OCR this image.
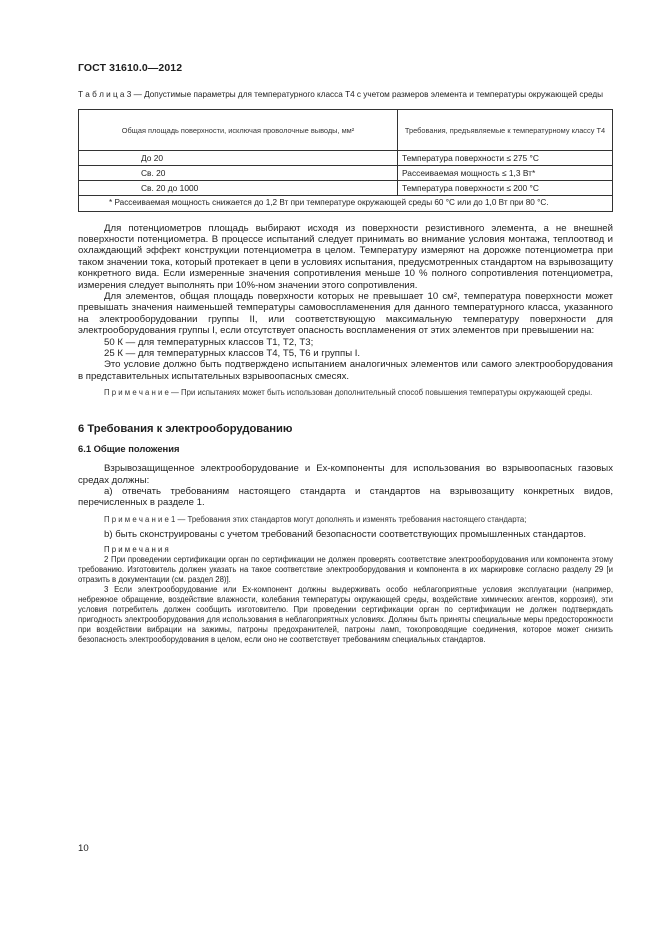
ГОСТ 31610.0—2012

Т а б л и ц а 3 — Допустимые параметры для температурного класса Т4 с учетом размеров элемента и температуры окружающей среды

Общая площадь поверхности, исключая проволочные выводы, мм²	Требования, предъявляемые к температурному классу Т4
До 20	Температура поверхности ≤ 275 °С
Св. 20	Рассеиваемая мощность ≤ 1,3 Вт*
Св. 20 до 1000	Температура поверхности ≤ 200 °С
* Рассеиваемая мощность снижается до 1,2 Вт при температуре окружающей среды 60 °С или до 1,0 Вт при 80 °С.	

Для потенциометров площадь выбирают исходя из поверхности резистивного элемента, а не внешней поверхности потенциометра. В процессе испытаний следует принимать во внимание условия монтажа, теплоотвод и охлаждающий эффект конструкции потенциометра в целом. Температуру измеряют на дорожке потенциометра при таком значении тока, который протекает в цепи в условиях испытания, предусмотренных стандартом на взрывозащиту конкретного вида. Если измеренные значения сопротивления меньше 10 % полного сопротивления потенциометра, измерения следует выполнять при 10%-ном значении этого сопротивления.

Для элементов, общая площадь поверхности которых не превышает 10 см², температура поверхности может превышать значения наименьшей температуры самовоспламенения для данного температурного класса, указанного на электрооборудовании группы II, или соответствующую максимальную температуру поверхности для электрооборудования группы I, если отсутствует опасность воспламенения от этих элементов при превышении на:

50 К — для температурных классов Т1, Т2, Т3;

25 К — для температурных классов Т4, Т5, Т6 и группы I.

Это условие должно быть подтверждено испытанием аналогичных элементов или самого электрооборудования в представительных испытательных взрывоопасных смесях.

П р и м е ч а н и е — При испытаниях может быть использован дополнительный способ повышения температуры окружающей среды.

6 Требования к электрооборудованию

6.1 Общие положения

Взрывозащищенное электрооборудование и Ex-компоненты для использования во взрывоопасных газовых средах должны:

а) отвечать требованиям настоящего стандарта и стандартов на взрывозащиту конкретных видов, перечисленных в разделе 1.

П р и м е ч а н и е 1 — Требования этих стандартов могут дополнять и изменять требования настоящего стандарта;

b) быть сконструированы с учетом требований безопасности соответствующих промышленных стандартов.

П р и м е ч а н и я

2 При проведении сертификации орган по сертификации не должен проверять соответствие электрооборудования или компонента этому требованию. Изготовитель должен указать на такое соответствие электрооборудования и компонента в их маркировке согласно разделу 29 [и отразить в документации (см. раздел 28)].

3 Если электрооборудование или Ex-компонент должны выдерживать особо неблагоприятные условия эксплуатации (например, небрежное обращение, воздействие влажности, колебания температуры окружающей среды, воздействие химических агентов, коррозия), эти условия потребитель должен сообщить изготовителю. При проведении сертификации орган по сертификации не должен подтверждать пригодность электрооборудования для использования в неблагоприятных условиях. Должны быть приняты специальные меры предосторожности при воздействии вибрации на зажимы, патроны предохранителей, патроны ламп, токопроводящие соединения, которое может снизить безопасность электрооборудования в целом, если оно не соответствует требованиям специальных стандартов.

10
